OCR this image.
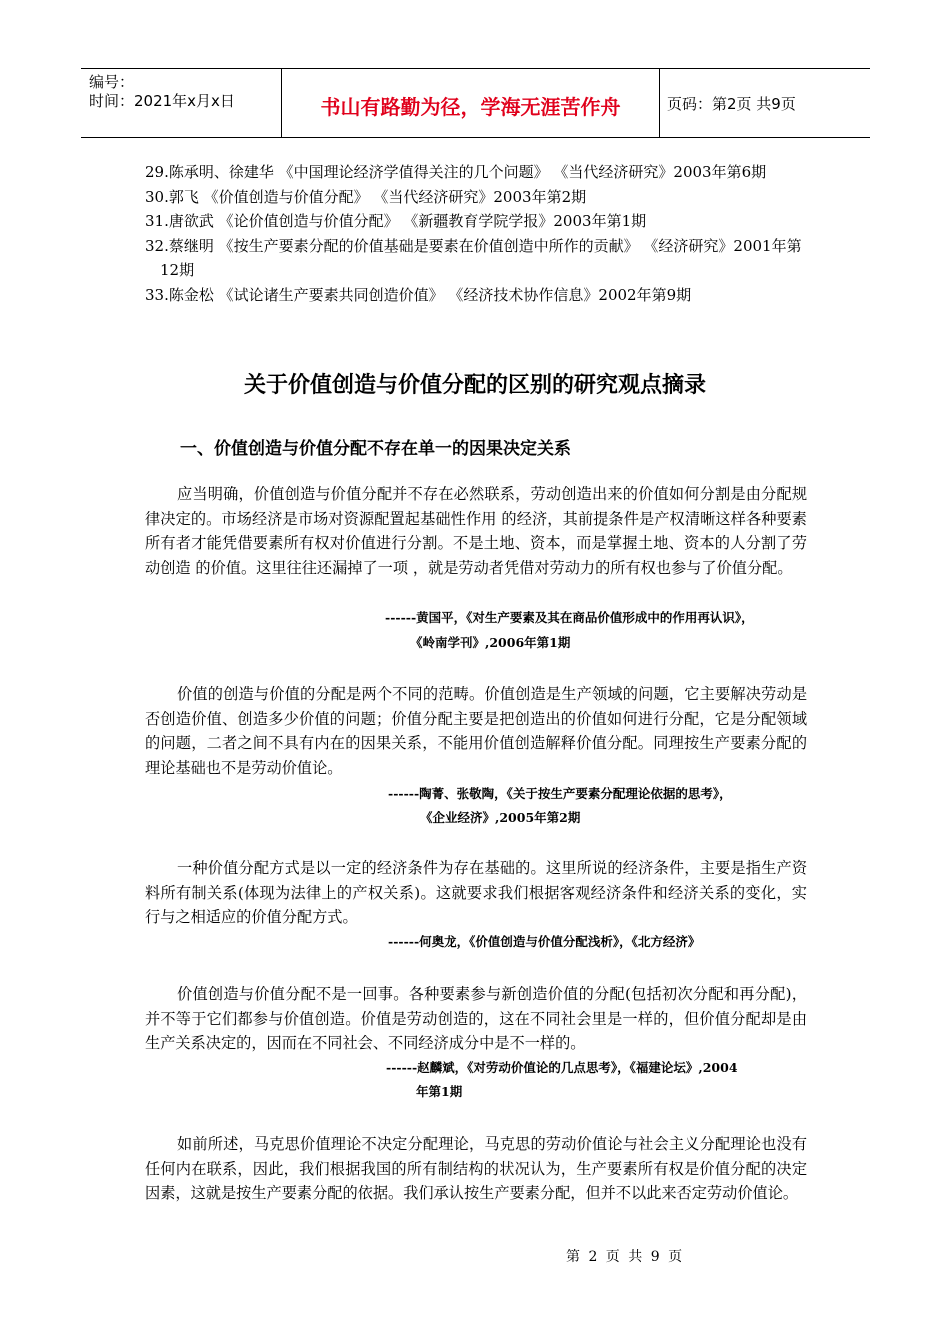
编号：
时间：2021年x月x日	书山有路勤为径，学海无涯苦作舟	页码：第2页 共9页
29.陈承明、徐建华 《中国理论经济学值得关注的几个问题》 《当代经济研究》2003年第6期
30.郭飞 《价值创造与价值分配》 《当代经济研究》2003年第2期
31.唐欲武 《论价值创造与价值分配》 《新疆教育学院学报》2003年第1期
32.蔡继明 《按生产要素分配的价值基础是要素在价值创造中所作的贡献》 《经济研究》2001年第12期
33.陈金松 《试论诸生产要素共同创造价值》 《经济技术协作信息》2002年第9期
关于价值创造与价值分配的区别的研究观点摘录
一、价值创造与价值分配不存在单一的因果决定关系
应当明确，价值创造与价值分配并不存在必然联系，劳动创造出来的价值如何分割是由分配规律决定的。市场经济是市场对资源配置起基础性作用 的经济，其前提条件是产权清晰这样各种要素所有者才能凭借要素所有权对价值进行分割。不是土地、资本，而是掌握土地、资本的人分割了劳动创造 的价值。这里往往还漏掉了一项 ，就是劳动者凭借对劳动力的所有权也参与了价值分配。
------黄国平，《对生产要素及其在商品价值形成中的作用再认识》，
《岭南学刊》,2006年第1期
价值的创造与价值的分配是两个不同的范畴。价值创造是生产领域的问题，它主要解决劳动是否创造价值、创造多少价值的问题；价值分配主要是把创造出的价值如何进行分配，它是分配领域的问题，二者之间不具有内在的因果关系，不能用价值创造解释价值分配。同理按生产要素分配的理论基础也不是劳动价值论。
------陶菁、张敬陶，《关于按生产要素分配理论依据的思考》，
《企业经济》,2005年第2期
一种价值分配方式是以一定的经济条件为存在基础的。这里所说的经济条件，主要是指生产资料所有制关系(体现为法律上的产权关系)。这就要求我们根据客观经济条件和经济关系的变化，实行与之相适应的价值分配方式。
------何奥龙，《价值创造与价值分配浅析》，《北方经济》
价值创造与价值分配不是一回事。各种要素参与新创造价值的分配(包括初次分配和再分配)，并不等于它们都参与价值创造。价值是劳动创造的，这在不同社会里是一样的，但价值分配却是由生产关系决定的，因而在不同社会、不同经济成分中是不一样的。
------赵麟斌，《对劳动价值论的几点思考》，《福建论坛》,2004
年第1期
如前所述，马克思价值理论不决定分配理论，马克思的劳动价值论与社会主义分配理论也没有任何内在联系，因此，我们根据我国的所有制结构的状况认为，生产要素所有权是价值分配的决定因素，这就是按生产要素分配的依据。我们承认按生产要素分配，但并不以此来否定劳动价值论。
第 2 页 共 9 页
